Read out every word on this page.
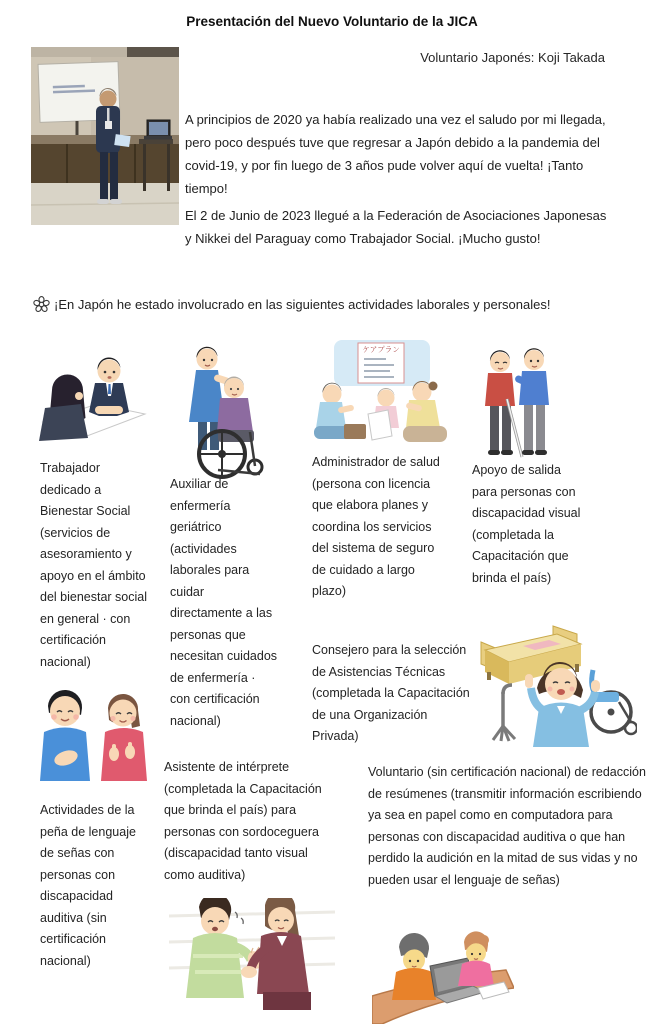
Presentación del Nuevo Voluntario de la JICA
Voluntario Japonés: Koji Takada
A principios de 2020 ya había realizado una vez el saludo por mi llegada, pero poco después tuve que regresar a Japón debido a la pandemia del covid-19, y por fin luego de 3 años pude volver aquí de vuelta! ¡Tanto tiempo!
El 2 de Junio de 2023 llegué a la Federación de Asociaciones Japonesas y Nikkei del Paraguay como Trabajador Social. ¡Mucho gusto!
¡En Japón he estado involucrado en las siguientes actividades laborales y personales!
ケアプラン
Trabajador dedicado a Bienestar Social (servicios de asesoramiento y apoyo en el ámbito del bienestar social en general · con certificación nacional)
Auxiliar de enfermería geriátrico (actividades laborales para cuidar directamente a las personas que necesitan cuidados de enfermería · con certificación nacional)
Administrador de salud (persona con licencia que elabora planes y coordina los servicios del sistema de seguro de cuidado a largo plazo)
Apoyo de salida para personas con discapacidad visual (completada la Capacitación que brinda el país)
Consejero para la selección de Asistencias Técnicas (completada la Capacitación de una Organización Privada)
Actividades de la peña de lenguaje de señas con personas con discapacidad auditiva (sin certificación nacional)
Asistente de intérprete (completada la Capacitación que brinda el país) para personas con sordoceguera (discapacidad tanto visual como auditiva)
Voluntario (sin certificación nacional) de redacción de resúmenes (transmitir información escribiendo ya sea en papel como en computadora para personas con discapacidad auditiva o que han perdido la audición en la mitad de sus vidas y no pueden usar el lenguaje de señas)
